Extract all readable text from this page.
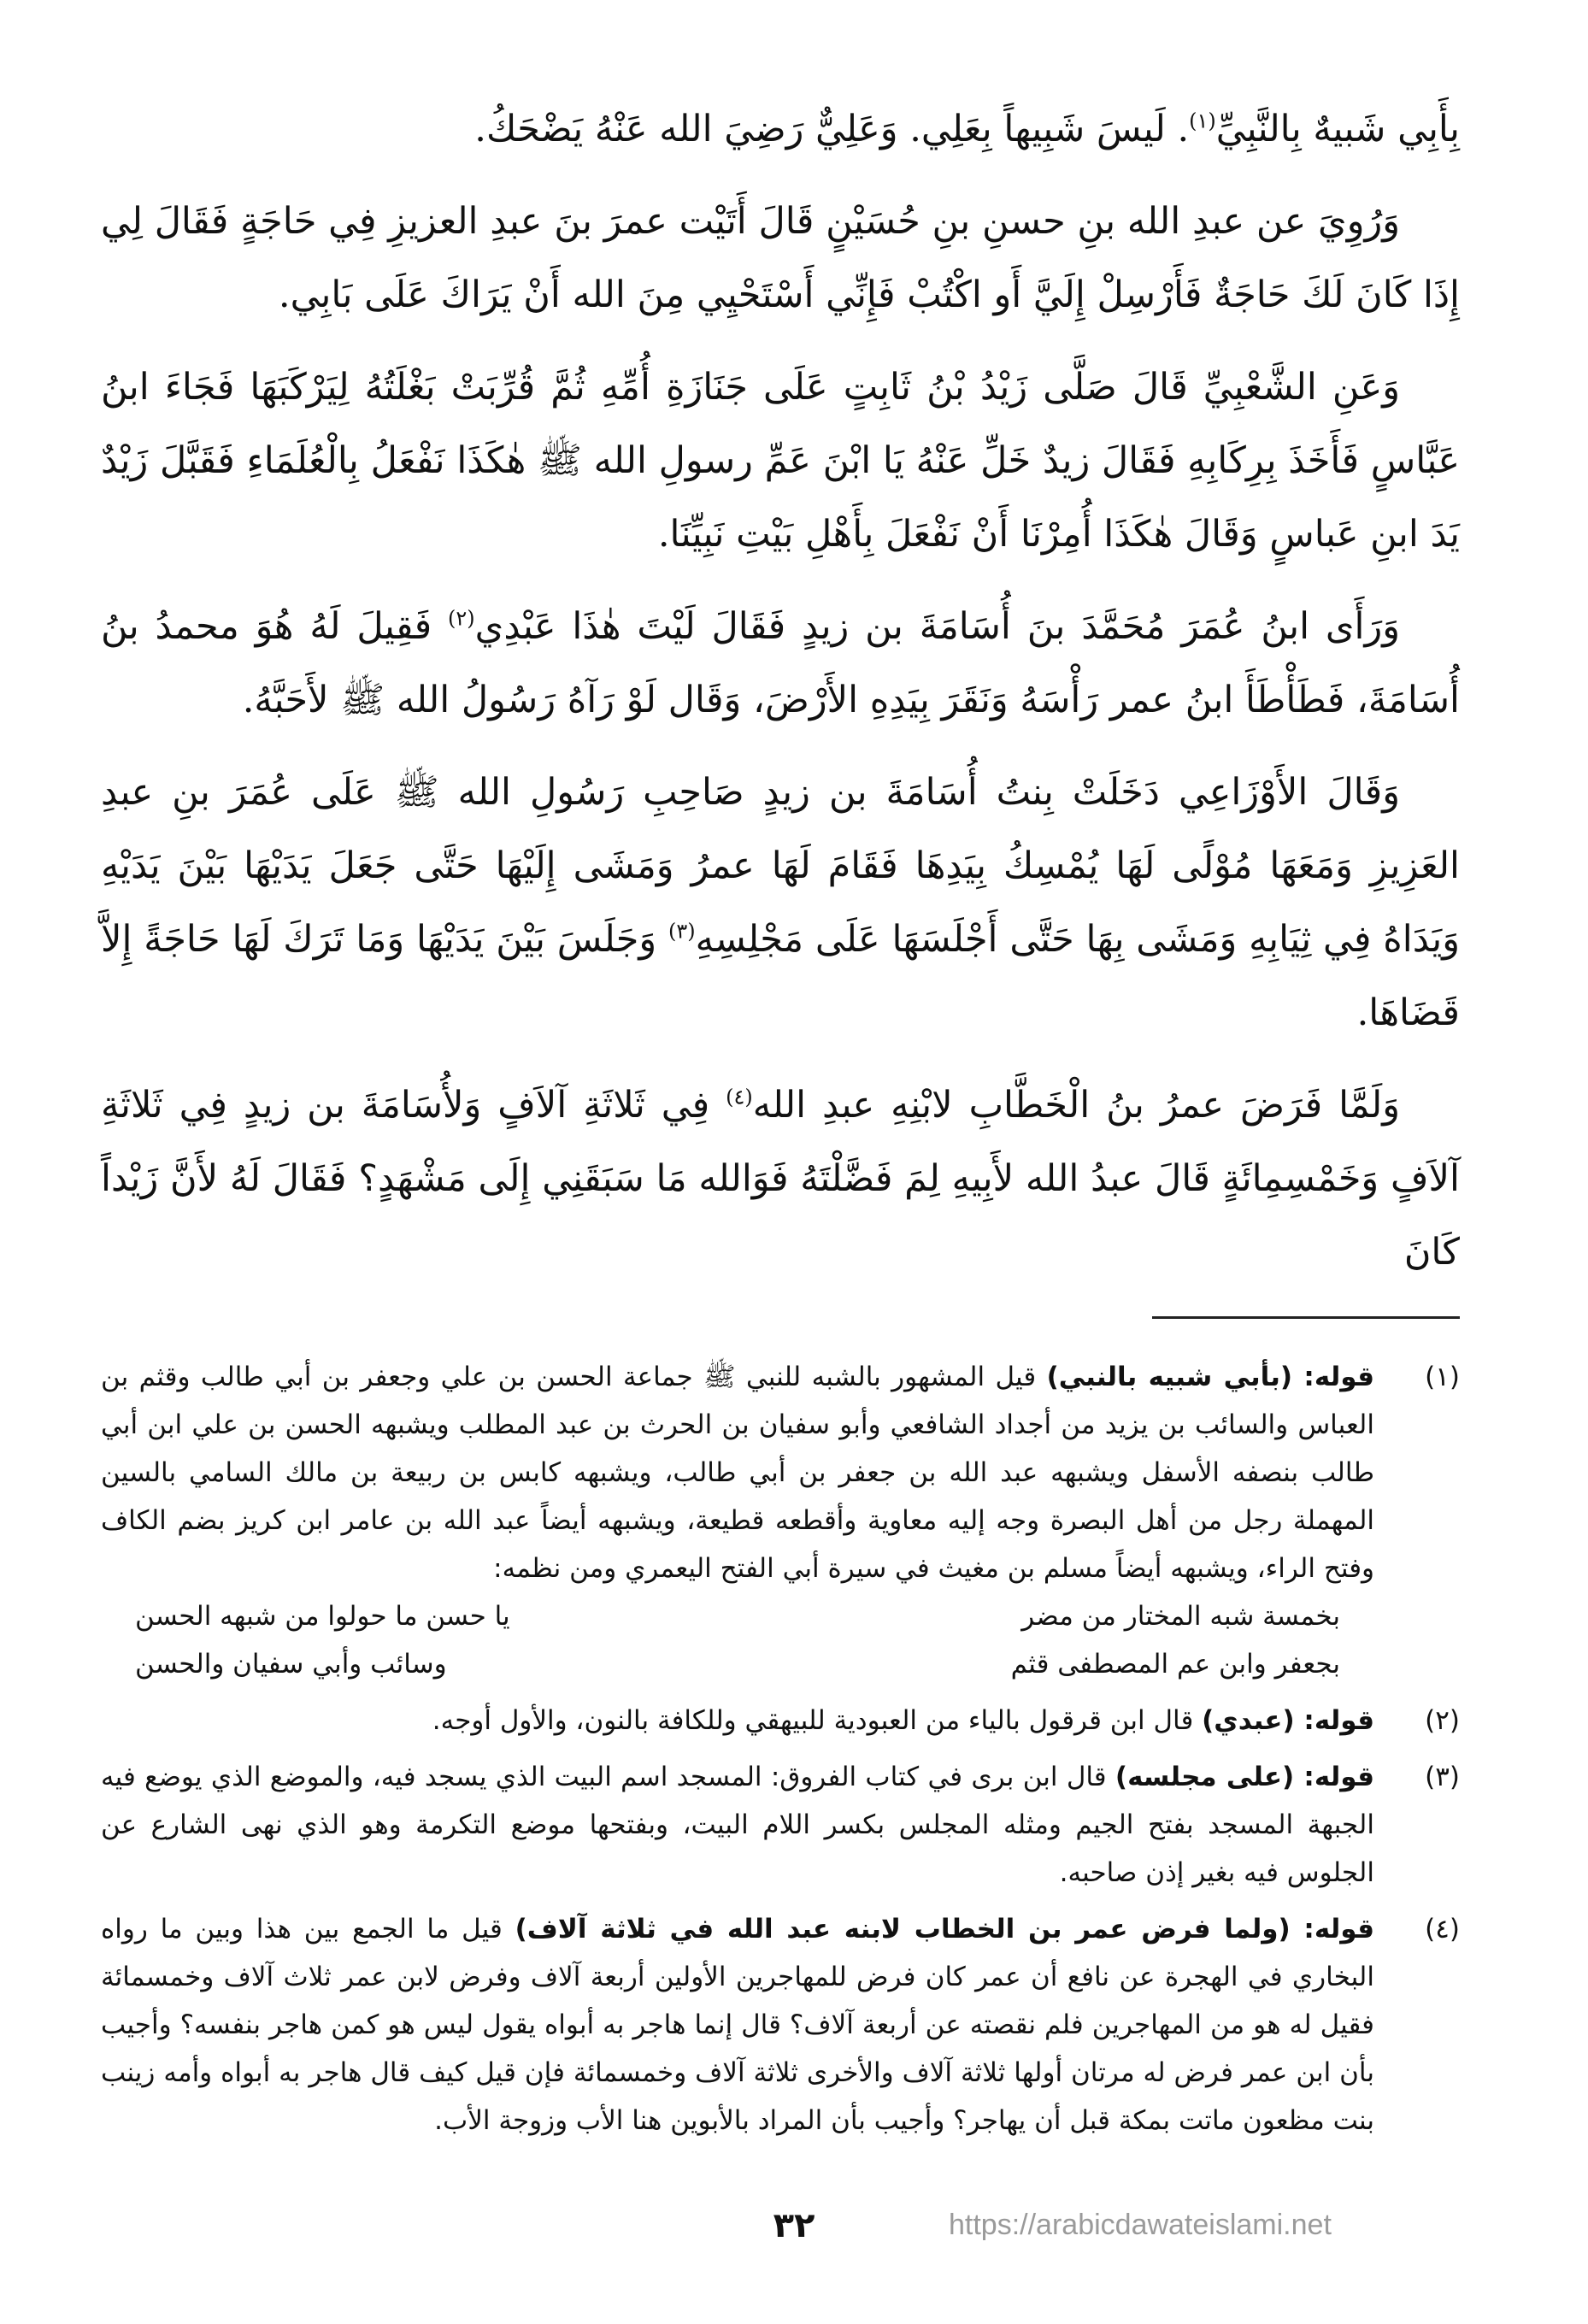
بِأَبِي شَبيهٌ بِالنَّبِيِّ$^{(١)}$. لَيسَ شَبِيهاً بِعَلِي. وَعَلِيٌّ رَضِيَ الله عَنْهُ يَضْحَكُ.

وَرُوِيَ عن عبدِ الله بنِ حسنِ بنِ حُسَيْنٍ قَالَ أَتَيْت عمرَ بنَ عبدِ العزيزِ فِي حَاجَةٍ فَقَالَ لِي إِذَا كَانَ لَكَ حَاجَةٌ فَأَرْسِلْ إِلَيَّ أَو اكْتُبْ فَإِنِّي أَسْتَحْيِي مِنَ الله أَنْ يَرَاكَ عَلَى بَابِي.

وَعَنِ الشَّعْبِيِّ قَالَ صَلَّى زَيْدُ بْنُ ثَابِتٍ عَلَى جَنَازَةِ أُمِّهِ ثُمَّ قُرِّبَتْ بَغْلَتُهُ لِيَرْكَبَهَا فَجَاءَ ابنُ عَبَّاسٍ فَأَخَذَ بِرِكَابِهِ فَقَالَ زيدٌ خَلِّ عَنْهُ يَا ابْنَ عَمِّ رسولِ الله ﷺ هٰكَذَا نَفْعَلُ بِالْعُلَمَاءِ فَقَبَّلَ زَيْدٌ يَدَ ابنِ عَباسٍ وَقَالَ هٰكَذَا أُمِرْنَا أَنْ نَفْعَلَ بِأَهْلِ بَيْتِ نَبِيِّنَا.

وَرَأَى ابنُ عُمَرَ مُحَمَّدَ بنَ أُسَامَةَ بن زيدٍ فَقَالَ لَيْتَ هٰذَا عَبْدِي$^{(٢)}$ فَقِيلَ لَهُ هُوَ محمدُ بنُ أُسَامَةَ، فَطَأْطَأَ ابنُ عمر رَأْسَهُ وَنَقَرَ بِيَدِهِ الأَرْضَ، وَقَال لَوْ رَآهُ رَسُولُ الله ﷺ لأَحَبَّهُ.

وَقَالَ الأَوْزَاعِي دَخَلَتْ بِنتُ أُسَامَةَ بن زيدٍ صَاحِبِ رَسُولِ الله ﷺ عَلَى عُمَرَ بنِ عبدِ العَزِيزِ وَمَعَهَا مُوْلًى لَهَا يُمْسِكُ بِيَدِهَا فَقَامَ لَهَا عمرُ وَمَشَى إِلَيْهَا حَتَّى جَعَلَ يَدَيْهَا بَيْنَ يَدَيْهِ وَيَدَاهُ فِي ثِيَابِهِ وَمَشَى بِهَا حَتَّى أَجْلَسَهَا عَلَى مَجْلِسِهِ$^{(٣)}$ وَجَلَسَ بَيْنَ يَدَيْهَا وَمَا تَرَكَ لَهَا حَاجَةً إِلاَّ قَضَاهَا.

وَلَمَّا فَرَضَ عمرُ بنُ الْخَطَّابِ لابْنِهِ عبدِ الله$^{(٤)}$ فِي ثَلاثَةِ آلاَفٍ وَلأُسَامَةَ بن زيدٍ فِي ثَلاثَةِ آلاَفٍ وَخَمْسِمِائَةٍ قَالَ عبدُ الله لأَبِيهِ لِمَ فَضَّلْتَهُ فَوَالله مَا سَبَقَنِي إِلَى مَشْهَدٍ؟ فَقَالَ لَهُ لأَنَّ زَيْداً كَانَ

(١)
قوله: (بأبي شبيه بالنبي) قيل المشهور بالشبه للنبي ﷺ جماعة الحسن بن علي وجعفر بن أبي طالب وقثم بن العباس والسائب بن يزيد من أجداد الشافعي وأبو سفيان بن الحرث بن عبد المطلب ويشبهه الحسن بن علي ابن أبي طالب بنصفه الأسفل ويشبهه عبد الله بن جعفر بن أبي طالب، ويشبهه كابس بن ربيعة بن مالك السامي بالسين المهملة رجل من أهل البصرة وجه إليه معاوية وأقطعه قطيعة، ويشبهه أيضاً عبد الله بن عامر ابن كريز بضم الكاف وفتح الراء، ويشبهه أيضاً مسلم بن مغيث في سيرة أبي الفتح اليعمري ومن نظمه:
بخمسة شبه المختار من مضر
يا حسن ما حولوا من شبهه الحسن
بجعفر وابن عم المصطفى قثم
وسائب وأبي سفيان والحسن
(٢)
قوله: (عبدي) قال ابن قرقول بالياء من العبودية للبيهقي وللكافة بالنون، والأول أوجه.
(٣)
قوله: (على مجلسه) قال ابن برى في كتاب الفروق: المسجد اسم البيت الذي يسجد فيه، والموضع الذي يوضع فيه الجبهة المسجد بفتح الجيم ومثله المجلس بكسر اللام البيت، وبفتحها موضع التكرمة وهو الذي نهى الشارع عن الجلوس فيه بغير إذن صاحبه.
(٤)
قوله: (ولما فرض عمر بن الخطاب لابنه عبد الله في ثلاثة آلاف) قيل ما الجمع بين هذا وبين ما رواه البخاري في الهجرة عن نافع أن عمر كان فرض للمهاجرين الأولين أربعة آلاف وفرض لابن عمر ثلاث آلاف وخمسمائة فقيل له هو من المهاجرين فلم نقصته عن أربعة آلاف؟ قال إنما هاجر به أبواه يقول ليس هو كمن هاجر بنفسه؟ وأجيب بأن ابن عمر فرض له مرتان أولها ثلاثة آلاف والأخرى ثلاثة آلاف وخمسمائة فإن قيل كيف قال هاجر به أبواه وأمه زينب بنت مظعون ماتت بمكة قبل أن يهاجر؟ وأجيب بأن المراد بالأبوين هنا الأب وزوجة الأب.
٣٢	https://arabicdawateislami.net
